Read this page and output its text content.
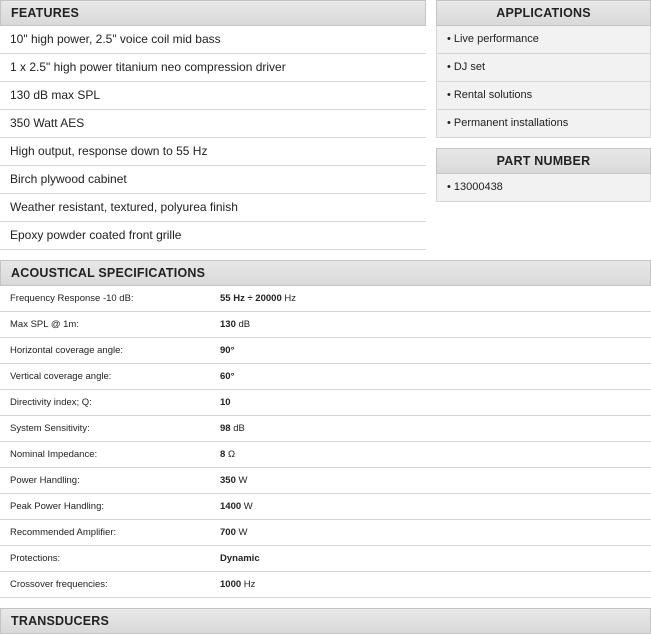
FEATURES
10" high power, 2.5" voice coil mid bass
1 x 2.5" high power titanium neo compression driver
130 dB max SPL
350 Watt AES
High output, response down to 55 Hz
Birch plywood cabinet
Weather resistant, textured, polyurea finish
Epoxy powder coated front grille
APPLICATIONS
• Live performance
• DJ set
• Rental solutions
• Permanent installations
PART NUMBER
• 13000438
ACOUSTICAL SPECIFICATIONS
Frequency Response -10 dB:	55 Hz ÷ 20000 Hz
Max SPL @ 1m:	130 dB
Horizontal coverage angle:	90°
Vertical coverage angle:	60°
Directivity index; Q:	10
System Sensitivity:	98 dB
Nominal Impedance:	8 Ω
Power Handling:	350 W
Peak Power Handling:	1400 W
Recommended Amplifier:	700 W
Protections:	Dynamic
Crossover frequencies:	1000 Hz
TRANSDUCERS
